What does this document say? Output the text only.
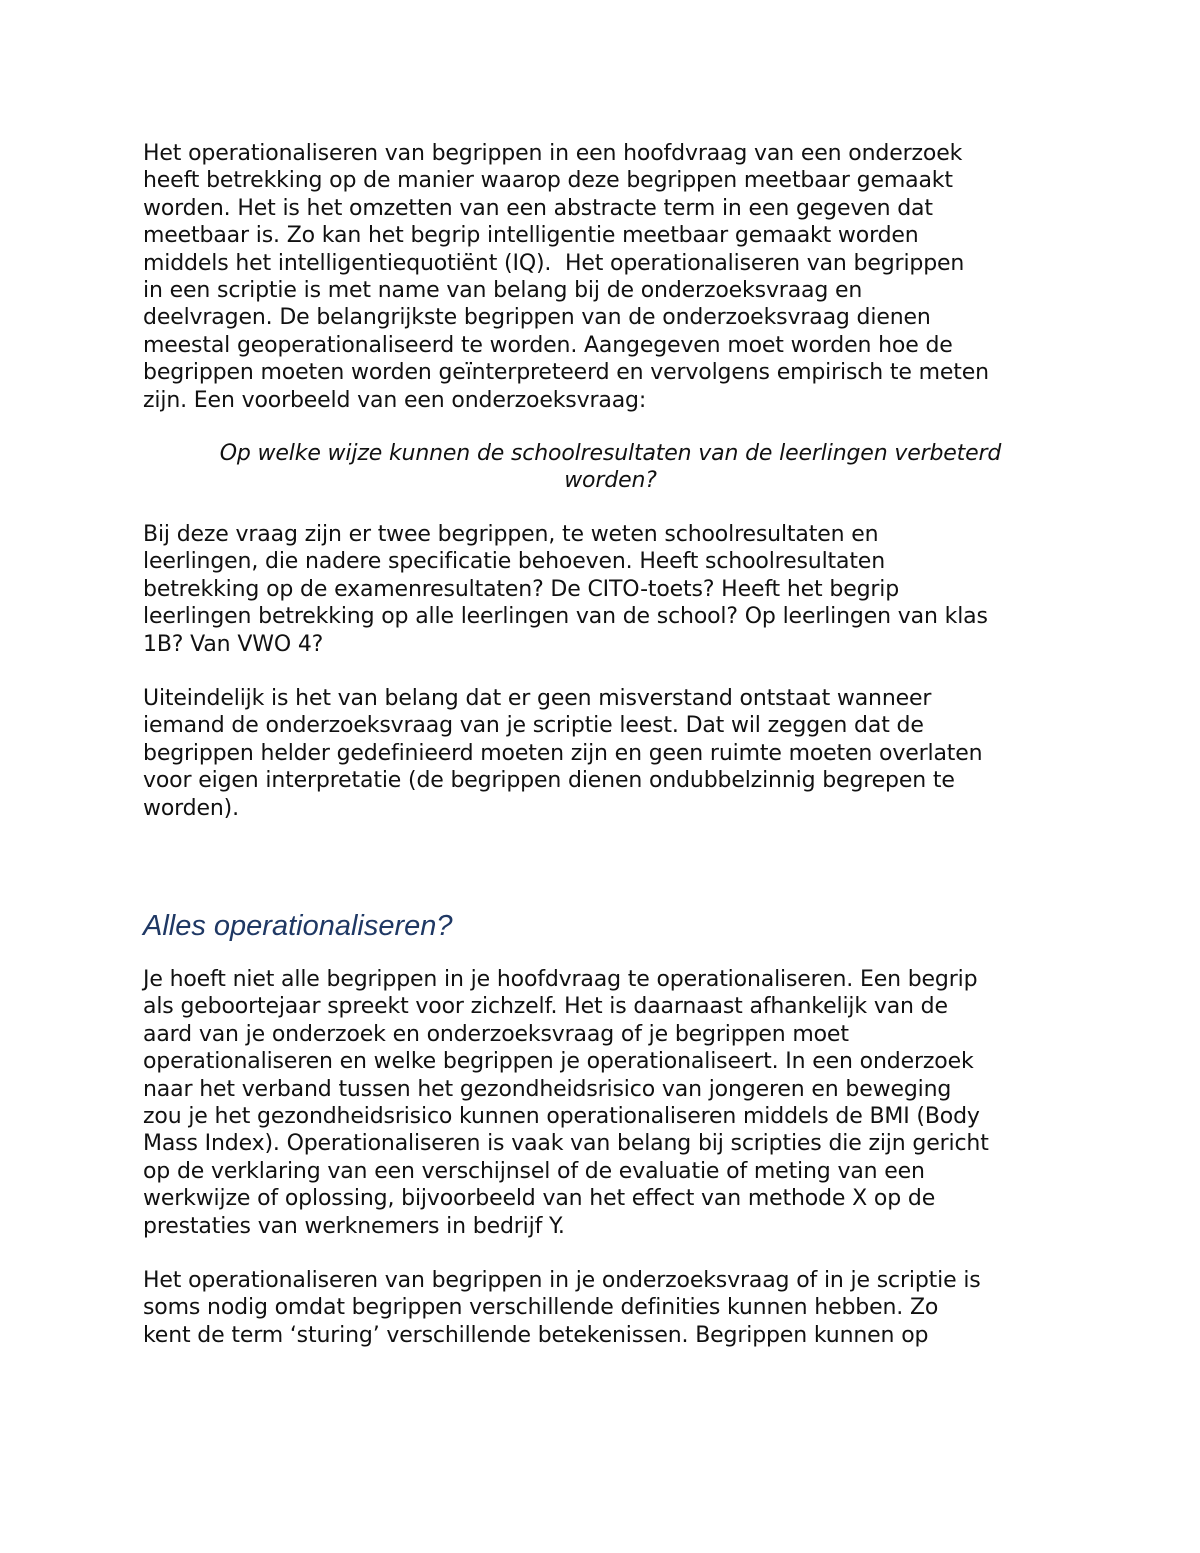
Het operationaliseren van begrippen in een hoofdvraag van een onderzoek
heeft betrekking op de manier waarop deze begrippen meetbaar gemaakt
worden. Het is het omzetten van een abstracte term in een gegeven dat
meetbaar is. Zo kan het begrip intelligentie meetbaar gemaakt worden
middels het intelligentiequotiënt (IQ).  Het operationaliseren van begrippen
in een scriptie is met name van belang bij de onderzoeksvraag en
deelvragen. De belangrijkste begrippen van de onderzoeksvraag dienen
meestal geoperationaliseerd te worden. Aangegeven moet worden hoe de
begrippen moeten worden geïnterpreteerd en vervolgens empirisch te meten
zijn. Een voorbeeld van een onderzoeksvraag:

Op welke wijze kunnen de schoolresultaten van de leerlingen verbeterd
worden?

Bij deze vraag zijn er twee begrippen, te weten schoolresultaten en
leerlingen, die nadere specificatie behoeven. Heeft schoolresultaten
betrekking op de examenresultaten? De CITO-toets? Heeft het begrip
leerlingen betrekking op alle leerlingen van de school? Op leerlingen van klas
1B? Van VWO 4?

Uiteindelijk is het van belang dat er geen misverstand ontstaat wanneer
iemand de onderzoeksvraag van je scriptie leest. Dat wil zeggen dat de
begrippen helder gedefinieerd moeten zijn en geen ruimte moeten overlaten
voor eigen interpretatie (de begrippen dienen ondubbelzinnig begrepen te
worden).

Alles operationaliseren?

Je hoeft niet alle begrippen in je hoofdvraag te operationaliseren. Een begrip
als geboortejaar spreekt voor zichzelf. Het is daarnaast afhankelijk van de
aard van je onderzoek en onderzoeksvraag of je begrippen moet
operationaliseren en welke begrippen je operationaliseert. In een onderzoek
naar het verband tussen het gezondheidsrisico van jongeren en beweging
zou je het gezondheidsrisico kunnen operationaliseren middels de BMI (Body
Mass Index). Operationaliseren is vaak van belang bij scripties die zijn gericht
op de verklaring van een verschijnsel of de evaluatie of meting van een
werkwijze of oplossing, bijvoorbeeld van het effect van methode X op de
prestaties van werknemers in bedrijf Y.

Het operationaliseren van begrippen in je onderzoeksvraag of in je scriptie is
soms nodig omdat begrippen verschillende definities kunnen hebben. Zo
kent de term ‘sturing’ verschillende betekenissen. Begrippen kunnen op
